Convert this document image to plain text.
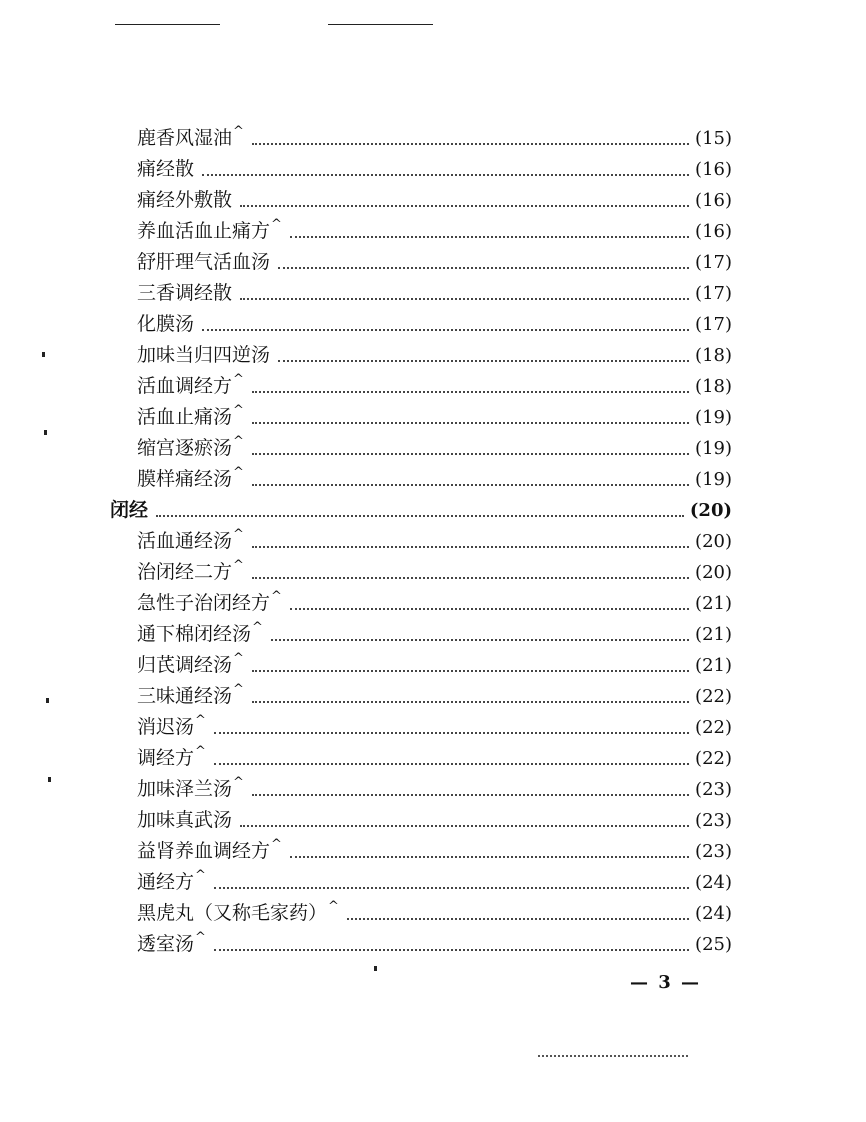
鹿香风湿油 ^	(15)
痛经散	(16)
痛经外敷散	(16)
养血活血止痛方 ^	(16)
舒肝理气活血汤	(17)
三香调经散	(17)
化膜汤	(17)
加味当归四逆汤	(18)
活血调经方 ^	(18)
活血止痛汤 ^	(19)
缩宫逐瘀汤 ^	(19)
膜样痛经汤 ^	(19)
闭经	(20)
活血通经汤 ^	(20)
治闭经二方 ^	(20)
急性子治闭经方 ^	(21)
通下棉闭经汤 ^	(21)
归芪调经汤 ^	(21)
三味通经汤 ^	(22)
消迟汤 ^	(22)
调经方 ^	(22)
加味泽兰汤 ^	(23)
加味真武汤	(23)
益肾养血调经方 ^	(23)
通经方 ^	(24)
黑虎丸（又称毛家药） ^	(24)
透室汤 ^	(25)
— 3 —
